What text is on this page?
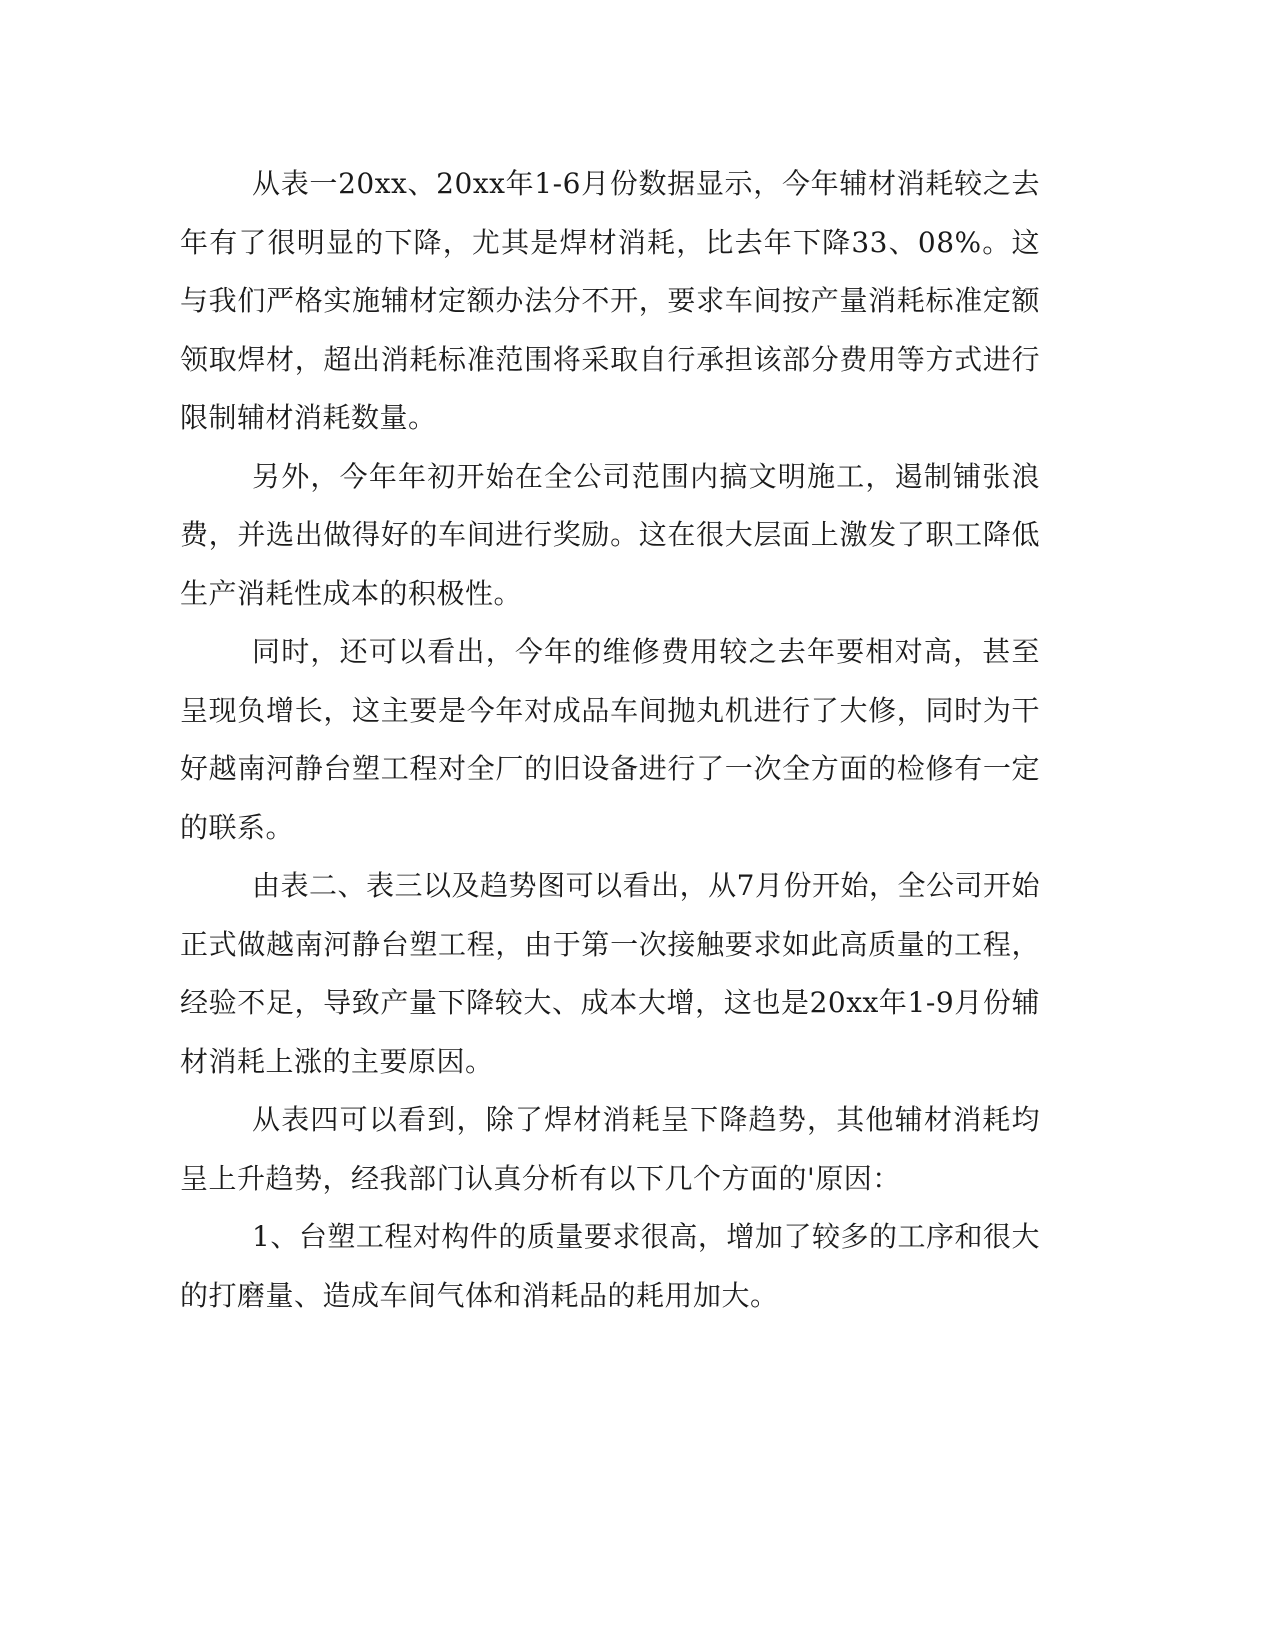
从表一20xx、20xx年1-6月份数据显示，今年辅材消耗较之去年有了很明显的下降，尤其是焊材消耗，比去年下降33、08%。这与我们严格实施辅材定额办法分不开，要求车间按产量消耗标准定额领取焊材，超出消耗标准范围将采取自行承担该部分费用等方式进行限制辅材消耗数量。

另外，今年年初开始在全公司范围内搞文明施工，遏制铺张浪费，并选出做得好的车间进行奖励。这在很大层面上激发了职工降低生产消耗性成本的积极性。

同时，还可以看出，今年的维修费用较之去年要相对高，甚至呈现负增长，这主要是今年对成品车间抛丸机进行了大修，同时为干好越南河静台塑工程对全厂的旧设备进行了一次全方面的检修有一定的联系。

由表二、表三以及趋势图可以看出，从7月份开始，全公司开始正式做越南河静台塑工程，由于第一次接触要求如此高质量的工程，经验不足，导致产量下降较大、成本大增，这也是20xx年1-9月份辅材消耗上涨的主要原因。

从表四可以看到，除了焊材消耗呈下降趋势，其他辅材消耗均呈上升趋势，经我部门认真分析有以下几个方面的'原因：

1、台塑工程对构件的质量要求很高，增加了较多的工序和很大的打磨量、造成车间气体和消耗品的耗用加大。
